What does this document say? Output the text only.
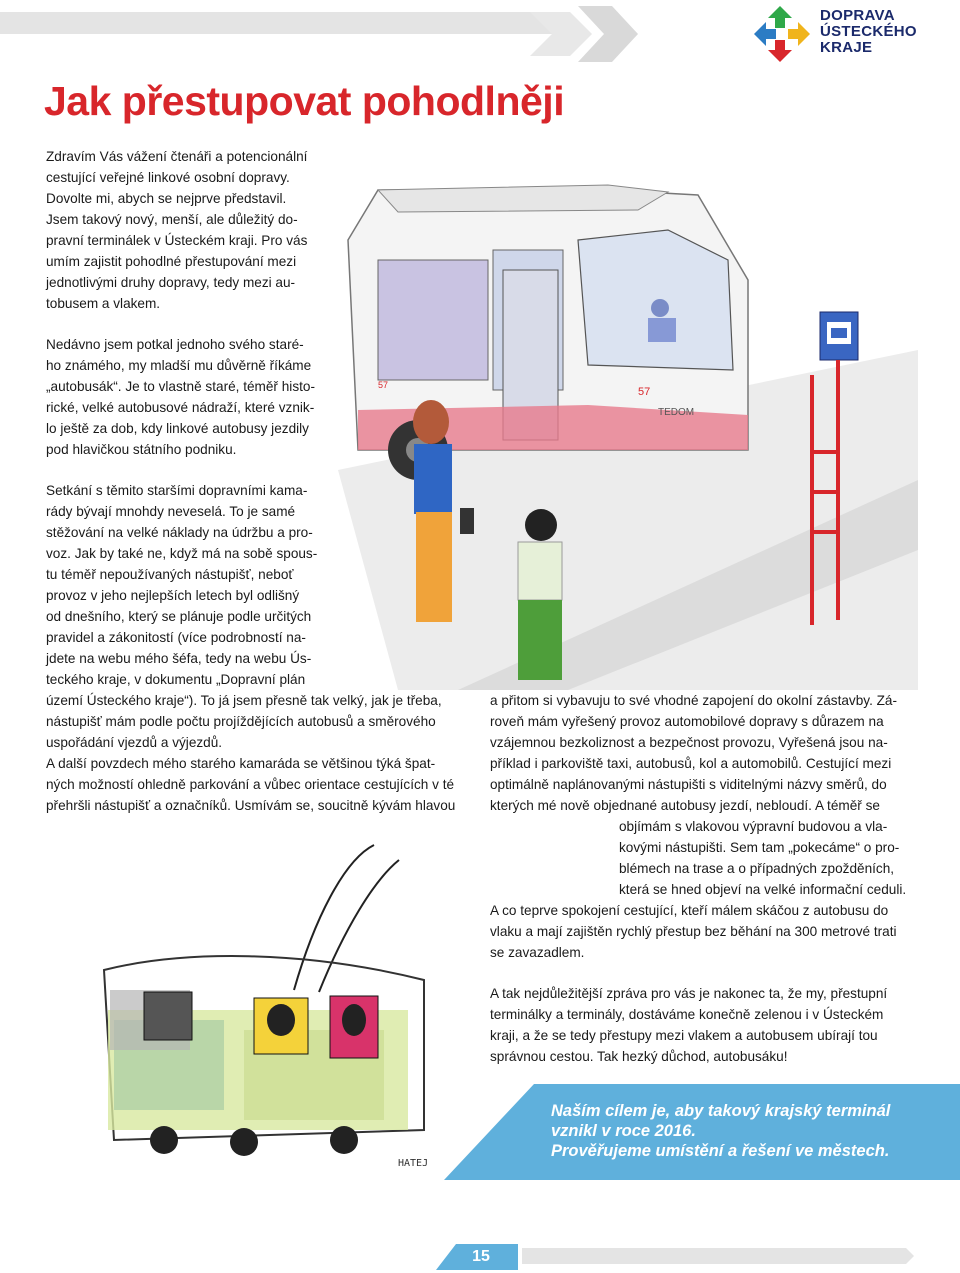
DOPRAVA
ÚSTECKÉHO
KRAJE
Jak přestupovat pohodlněji
57
TEDOM
57

Zdravím Vás vážení čtenáři a potencionální
cestující veřejné linkové osobní dopravy.
Dovolte mi, abych se nejprve představil.
Jsem takový nový, menší, ale důležitý do-
pravní terminálek v Ústeckém kraji. Pro vás
umím zajistit pohodlné přestupování mezi
jednotlivými druhy dopravy, tedy mezi au-
tobusem a vlakem.

Nedávno jsem potkal jednoho svého staré-
ho známého, my mladší mu důvěrně říkáme
„autobusák“. Je to vlastně staré, téměř histo-
rické, velké autobusové nádraží, které vznik-
lo ještě za dob, kdy linkové autobusy jezdily
pod hlavičkou státního podniku.

Setkání s těmito staršími dopravními kama-
rády bývají mnohdy neveselá. To je samé
stěžování na velké náklady na údržbu a pro-
voz. Jak by také ne, když má na sobě spous-
tu téměř nepoužívaných nástupišť, neboť
provoz v jeho nejlepších letech byl odlišný
od dnešního, který se plánuje podle určitých
pravidel a zákonitostí (více podrobností na-
jdete na webu mého šéfa, tedy na webu Ús-
teckého kraje, v dokumentu „Dopravní plán

území Ústeckého kraje“). To já jsem přesně tak velký, jak je třeba,
nástupišť mám podle počtu projíždějících autobusů a směrového
uspořádání vjezdů a výjezdů.

A další povzdech mého starého kamaráda se většinou týká špat-
ných možností ohledně parkování a vůbec orientace cestujících v té
přehršli nástupišť a označníků. Usmívám se, soucitně kývám hlavou

a přitom si vybavuju to své vhodné zapojení do okolní zástavby. Zá-
roveň mám vyřešený provoz automobilové dopravy s důrazem na
vzájemnou bezkoliznost a bezpečnost provozu, Vyřešená jsou na-
příklad i parkoviště taxi, autobusů, kol a automobilů. Cestující mezi
optimálně naplánovanými nástupišti s viditelnými názvy směrů, do
kterých mé nově objednané autobusy jezdí, nebloudí. A téměř se

objímám s vlakovou výpravní budovou a vla-
kovými nástupišti. Sem tam „pokecáme“ o pro-
blémech na trase a o případných zpožděních,
která se hned objeví na velké informační ceduli.

A co teprve spokojení cestující, kteří málem skáčou z autobusu do
vlaku a mají zajištěn rychlý přestup bez běhání na 300 metrové trati
se zavazadlem.

A tak nejdůležitější zpráva pro vás je nakonec ta, že my, přestupní
terminálky a terminály, dostáváme konečně zelenou i v Ústeckém
kraji, a že se tedy přestupy mezi vlakem a autobusem ubírají tou
správnou cestou. Tak hezký důchod, autobusáku!

HATEJ
Naším cílem je, aby takový krajský terminál
vznikl v roce 2016.
Prověřujeme umístění a řešení ve městech.
15
